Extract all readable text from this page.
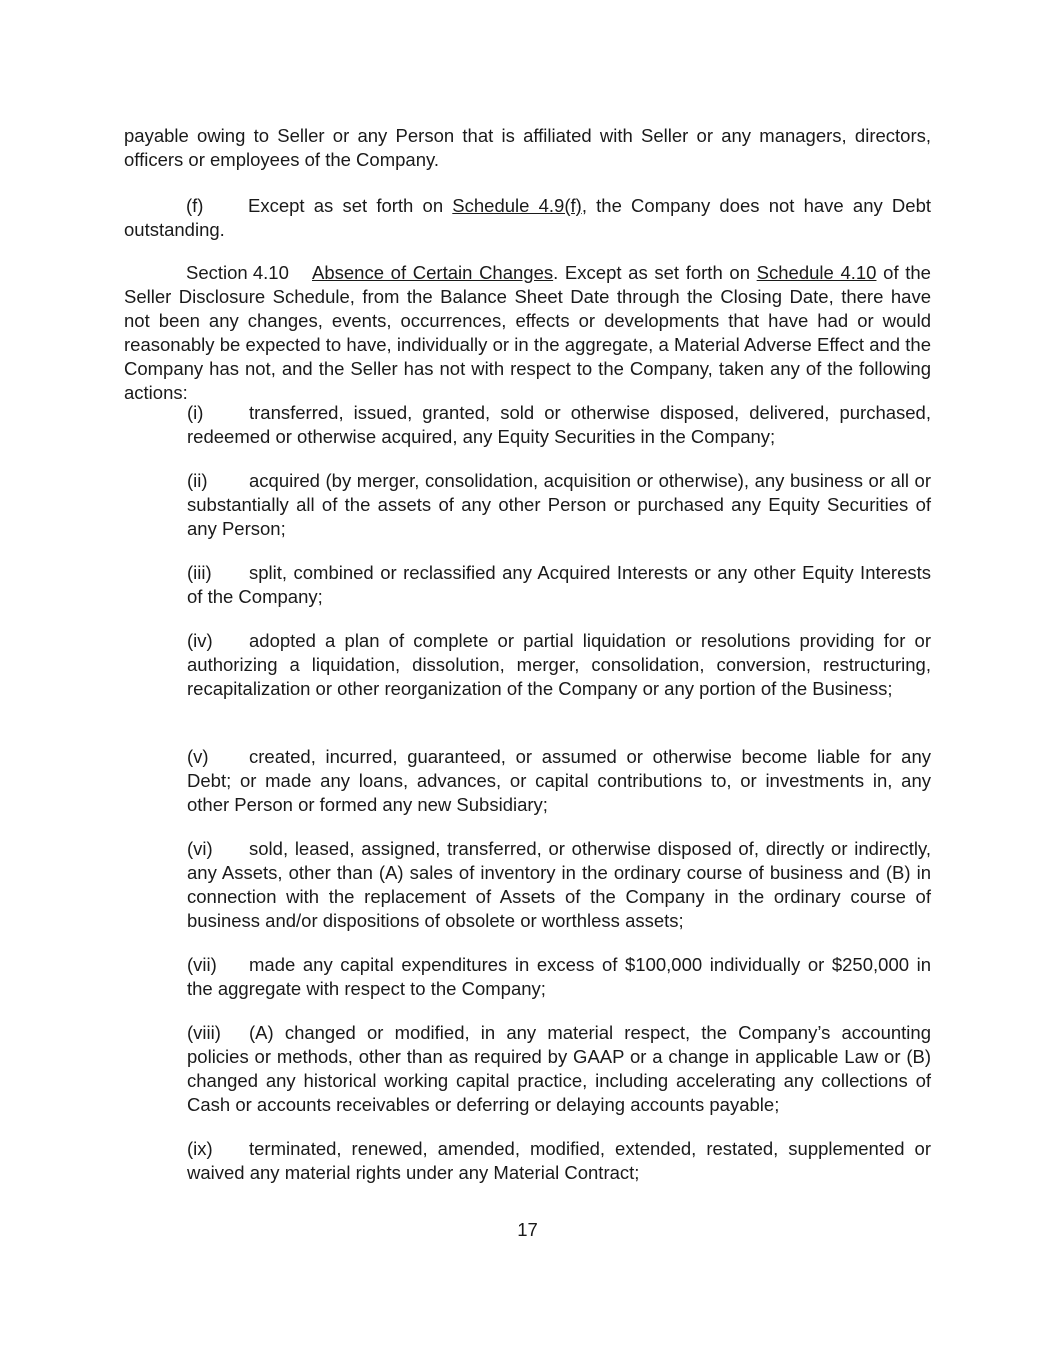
payable owing to Seller or any Person that is affiliated with Seller or any managers, directors, officers or employees of the Company.

(f) Except as set forth on Schedule 4.9(f), the Company does not have any Debt outstanding.

Section 4.10 Absence of Certain Changes. Except as set forth on Schedule 4.10 of the Seller Disclosure Schedule, from the Balance Sheet Date through the Closing Date, there have not been any changes, events, occurrences, effects or developments that have had or would reasonably be expected to have, individually or in the aggregate, a Material Adverse Effect and the Company has not, and the Seller has not with respect to the Company, taken any of the following actions:

(i) transferred, issued, granted, sold or otherwise disposed, delivered, purchased, redeemed or otherwise acquired, any Equity Securities in the Company;

(ii) acquired (by merger, consolidation, acquisition or otherwise), any business or all or substantially all of the assets of any other Person or purchased any Equity Securities of any Person;

(iii) split, combined or reclassified any Acquired Interests or any other Equity Interests of the Company;

(iv) adopted a plan of complete or partial liquidation or resolutions providing for or authorizing a liquidation, dissolution, merger, consolidation, conversion, restructuring, recapitalization or other reorganization of the Company or any portion of the Business;

(v) created, incurred, guaranteed, or assumed or otherwise become liable for any Debt; or made any loans, advances, or capital contributions to, or investments in, any other Person or formed any new Subsidiary;

(vi) sold, leased, assigned, transferred, or otherwise disposed of, directly or indirectly, any Assets, other than (A) sales of inventory in the ordinary course of business and (B) in connection with the replacement of Assets of the Company in the ordinary course of business and/or dispositions of obsolete or worthless assets;

(vii) made any capital expenditures in excess of $100,000 individually or $250,000 in the aggregate with respect to the Company;

(viii) (A) changed or modified, in any material respect, the Company’s accounting policies or methods, other than as required by GAAP or a change in applicable Law or (B) changed any historical working capital practice, including accelerating any collections of Cash or accounts receivables or deferring or delaying accounts payable;

(ix) terminated, renewed, amended, modified, extended, restated, supplemented or waived any material rights under any Material Contract;

17
